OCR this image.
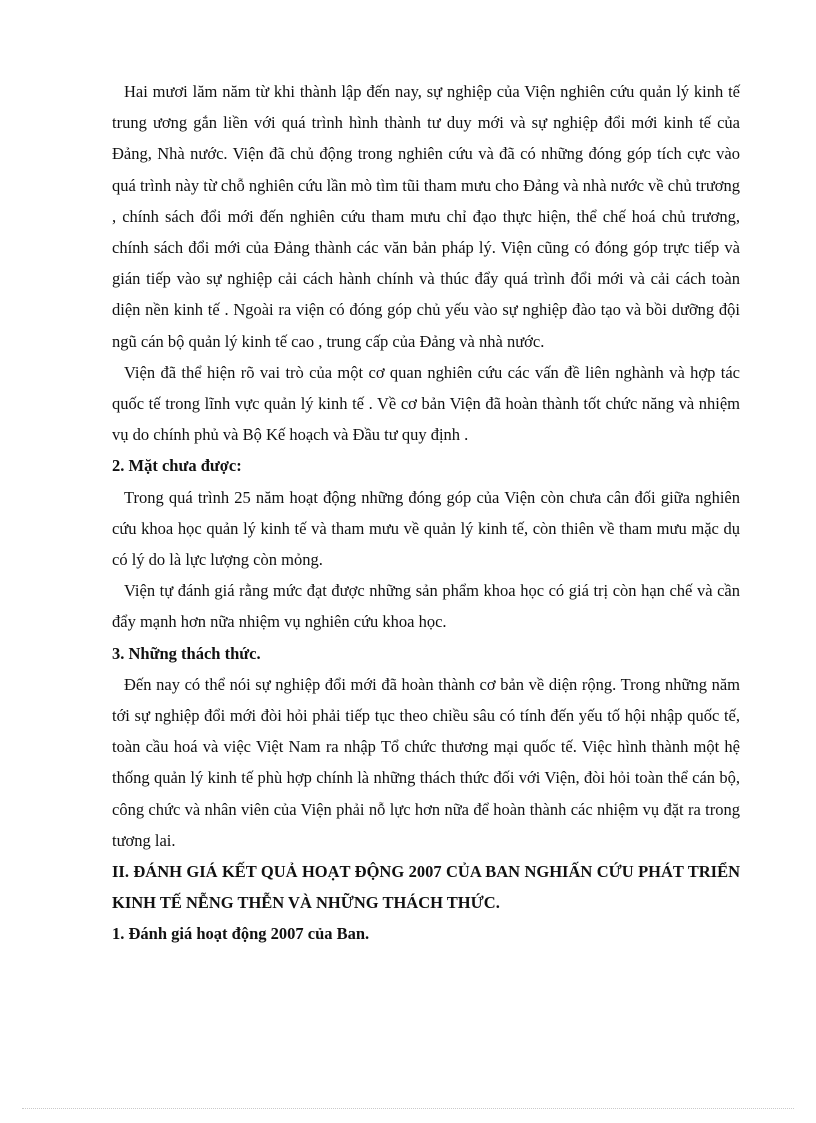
Hai mươi lăm năm từ khi thành lập đến nay, sự nghiệp của Viện nghiên cứu quản lý kinh tế trung ương gắn liền với quá trình hình thành tư duy mới và sự nghiệp đổi mới kinh tế của Đảng, Nhà nước. Viện đã chủ động trong nghiên cứu và đã có những đóng góp tích cực vào quá trình này từ chỗ nghiên cứu lần mò tìm tũi tham mưu cho Đảng và nhà nước về chủ trương , chính sách đổi mới đến nghiên cứu tham mưu chỉ đạo thực hiện, thể chế hoá chủ trương, chính sách đổi mới của Đảng thành các văn bản pháp lý. Viện cũng có đóng góp trực tiếp và gián tiếp vào sự nghiệp cải cách hành chính và thúc đẩy quá trình đổi mới và cải cách toàn diện nền kinh tế . Ngoài ra viện có đóng góp chủ yếu vào sự nghiệp đào tạo và bồi dưỡng đội ngũ cán bộ quản lý kinh tế cao , trung cấp của Đảng và nhà nước.

Viện đã thể hiện rõ vai trò của một cơ quan nghiên cứu các vấn đề liên nghành và hợp tác quốc tế trong lĩnh vực quản lý kinh tế . Về cơ bản Viện đã hoàn thành tốt chức năng và nhiệm vụ do chính phủ và Bộ Kế hoạch và Đầu tư quy định .

2. Mặt chưa được:

Trong quá trình 25 năm hoạt động những đóng góp của Viện còn chưa cân đối giữa nghiên cứu khoa học quản lý kinh tế và tham mưu về quản lý kinh tế, còn thiên về tham mưu mặc dụ có lý do là lực lượng còn mỏng.

Viện tự đánh giá rằng mức đạt được những sản phẩm khoa học có giá trị còn hạn chế và cần đẩy mạnh hơn nữa nhiệm vụ nghiên cứu khoa học.

3. Những thách thức.

Đến nay có thể nói sự nghiệp đổi mới đã hoàn thành cơ bản về diện rộng. Trong những năm tới sự nghiệp đổi mới đòi hỏi phải tiếp tục theo chiều sâu có tính đến yếu tố hội nhập quốc tế, toàn cầu hoá và việc Việt Nam ra nhập Tổ chức thương mại quốc tế. Việc hình thành một hệ thống quản lý kinh tế phù hợp chính là những thách thức đối với Viện, đòi hỏi toàn thể cán bộ, công chức và nhân viên của Viện phải nỗ lực hơn nữa để hoàn thành các nhiệm vụ đặt ra trong tương lai.

II. ĐÁNH GIÁ KẾT QUẢ HOẠT ĐỘNG 2007 CỦA BAN NGHIẤN CỨU PHÁT TRIỂN KINH TẾ NỄNG THỄN VÀ NHỮNG THÁCH THỨC.

1. Đánh giá hoạt động 2007 của Ban.
